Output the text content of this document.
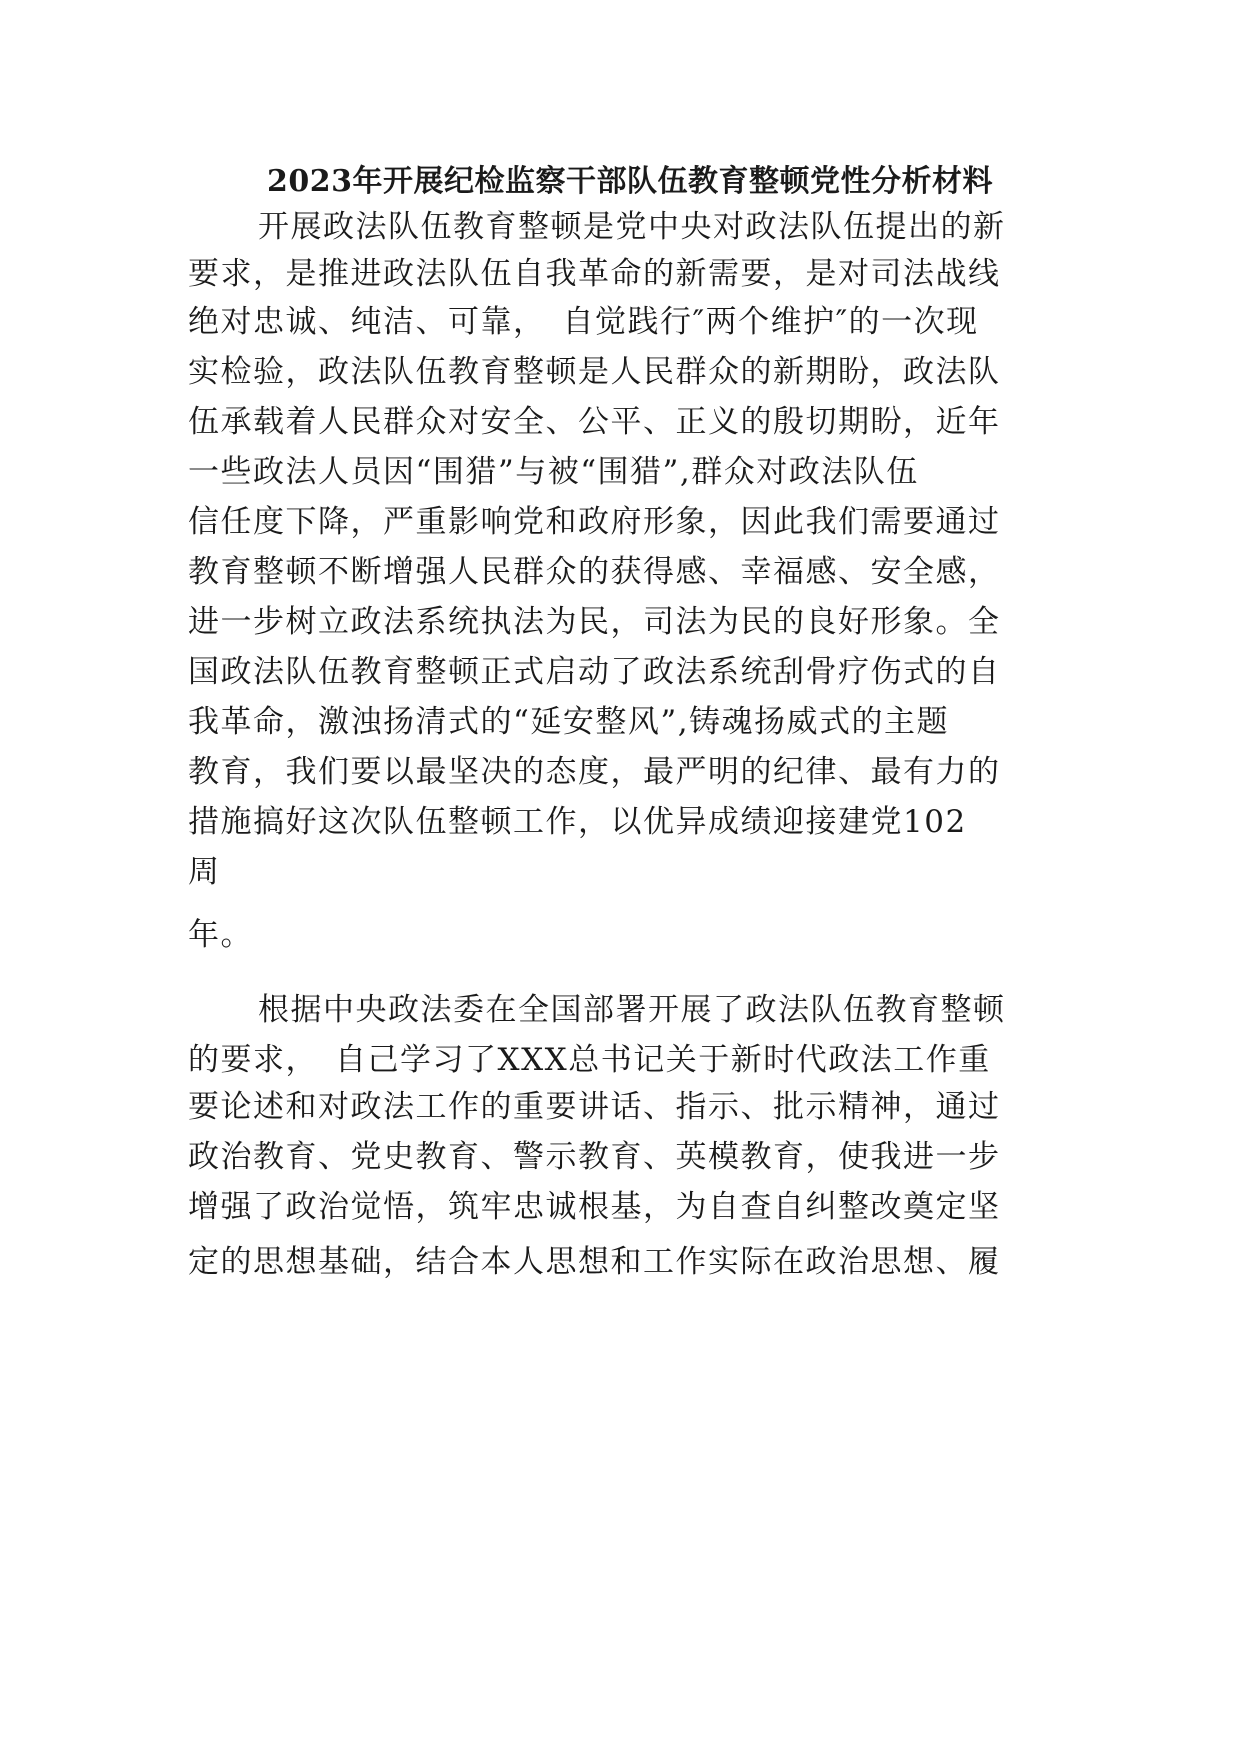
2023年开展纪检监察干部队伍教育整顿党性分析材料
开展政法队伍教育整顿是党中央对政法队伍提出的新
要求，是推进政法队伍自我革命的新需要，是对司法战线
绝对忠诚、纯洁、可靠，　自觉践行″两个维护″的一次现
实检验，政法队伍教育整顿是人民群众的新期盼，政法队
伍承载着人民群众对安全、公平、正义的殷切期盼，近年
一些政法人员因“围猎”与被“围猎”,群众对政法队伍
信任度下降，严重影响党和政府形象，因此我们需要通过
教育整顿不断增强人民群众的获得感、幸福感、安全感，
进一步树立政法系统执法为民，司法为民的良好形象。全
国政法队伍教育整顿正式启动了政法系统刮骨疗伤式的自
我革命，激浊扬清式的“延安整风”,铸魂扬威式的主题
教育，我们要以最坚决的态度，最严明的纪律、最有力的
措施搞好这次队伍整顿工作，以优异成绩迎接建党102
周
年。
根据中央政法委在全国部署开展了政法队伍教育整顿
的要求，　自己学习了XXX总书记关于新时代政法工作重
要论述和对政法工作的重要讲话、指示、批示精神，通过
政治教育、党史教育、警示教育、英模教育，使我进一步
增强了政治觉悟，筑牢忠诚根基，为自查自纠整改奠定坚
定的思想基础，结合本人思想和工作实际在政治思想、履
